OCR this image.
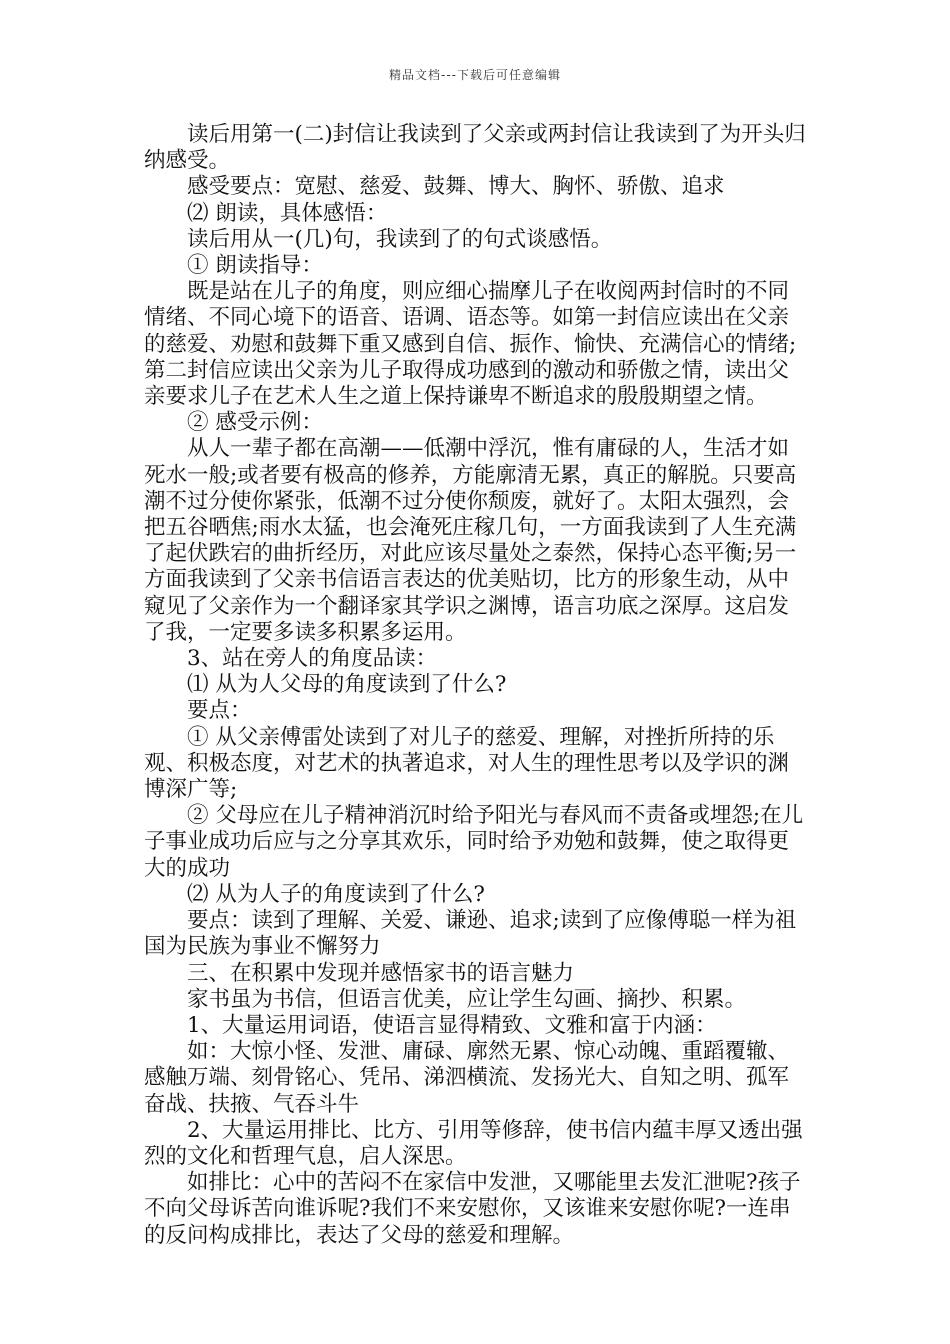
精品文档---下载后可任意编辑

读后用第一(二)封信让我读到了父亲或两封信让我读到了为开头归纳感受。

感受要点：宽慰、慈爱、鼓舞、博大、胸怀、骄傲、追求

⑵ 朗读，具体感悟：

读后用从一(几)句，我读到了的句式谈感悟。

① 朗读指导：

既是站在儿子的角度，则应细心揣摩儿子在收阅两封信时的不同情绪、不同心境下的语音、语调、语态等。如第一封信应读出在父亲的慈爱、劝慰和鼓舞下重又感到自信、振作、愉快、充满信心的情绪;第二封信应读出父亲为儿子取得成功感到的激动和骄傲之情，读出父亲要求儿子在艺术人生之道上保持谦卑不断追求的殷殷期望之情。

② 感受示例：

从人一辈子都在高潮——低潮中浮沉，惟有庸碌的人，生活才如死水一般;或者要有极高的修养，方能廓清无累，真正的解脱。只要高潮不过分使你紧张，低潮不过分使你颓废，就好了。太阳太强烈，会把五谷晒焦;雨水太猛，也会淹死庄稼几句，一方面我读到了人生充满了起伏跌宕的曲折经历，对此应该尽量处之泰然，保持心态平衡;另一方面我读到了父亲书信语言表达的优美贴切，比方的形象生动，从中窥见了父亲作为一个翻译家其学识之渊博，语言功底之深厚。这启发了我，一定要多读多积累多运用。

3、站在旁人的角度品读：

⑴ 从为人父母的角度读到了什么?

要点：

① 从父亲傅雷处读到了对儿子的慈爱、理解，对挫折所持的乐观、积极态度，对艺术的执著追求，对人生的理性思考以及学识的渊博深广等;

② 父母应在儿子精神消沉时给予阳光与春风而不责备或埋怨;在儿子事业成功后应与之分享其欢乐，同时给予劝勉和鼓舞，使之取得更大的成功

⑵ 从为人子的角度读到了什么?

要点：读到了理解、关爱、谦逊、追求;读到了应像傅聪一样为祖国为民族为事业不懈努力

三、在积累中发现并感悟家书的语言魅力

家书虽为书信，但语言优美，应让学生勾画、摘抄、积累。

1、大量运用词语，使语言显得精致、文雅和富于内涵：

如：大惊小怪、发泄、庸碌、廓然无累、惊心动魄、重蹈覆辙、感触万端、刻骨铭心、凭吊、涕泗横流、发扬光大、自知之明、孤军奋战、扶掖、气吞斗牛

2、大量运用排比、比方、引用等修辞，使书信内蕴丰厚又透出强烈的文化和哲理气息，启人深思。

如排比：心中的苦闷不在家信中发泄，又哪能里去发汇泄呢?孩子不向父母诉苦向谁诉呢?我们不来安慰你，又该谁来安慰你呢?一连串的反问构成排比，表达了父母的慈爱和理解。
